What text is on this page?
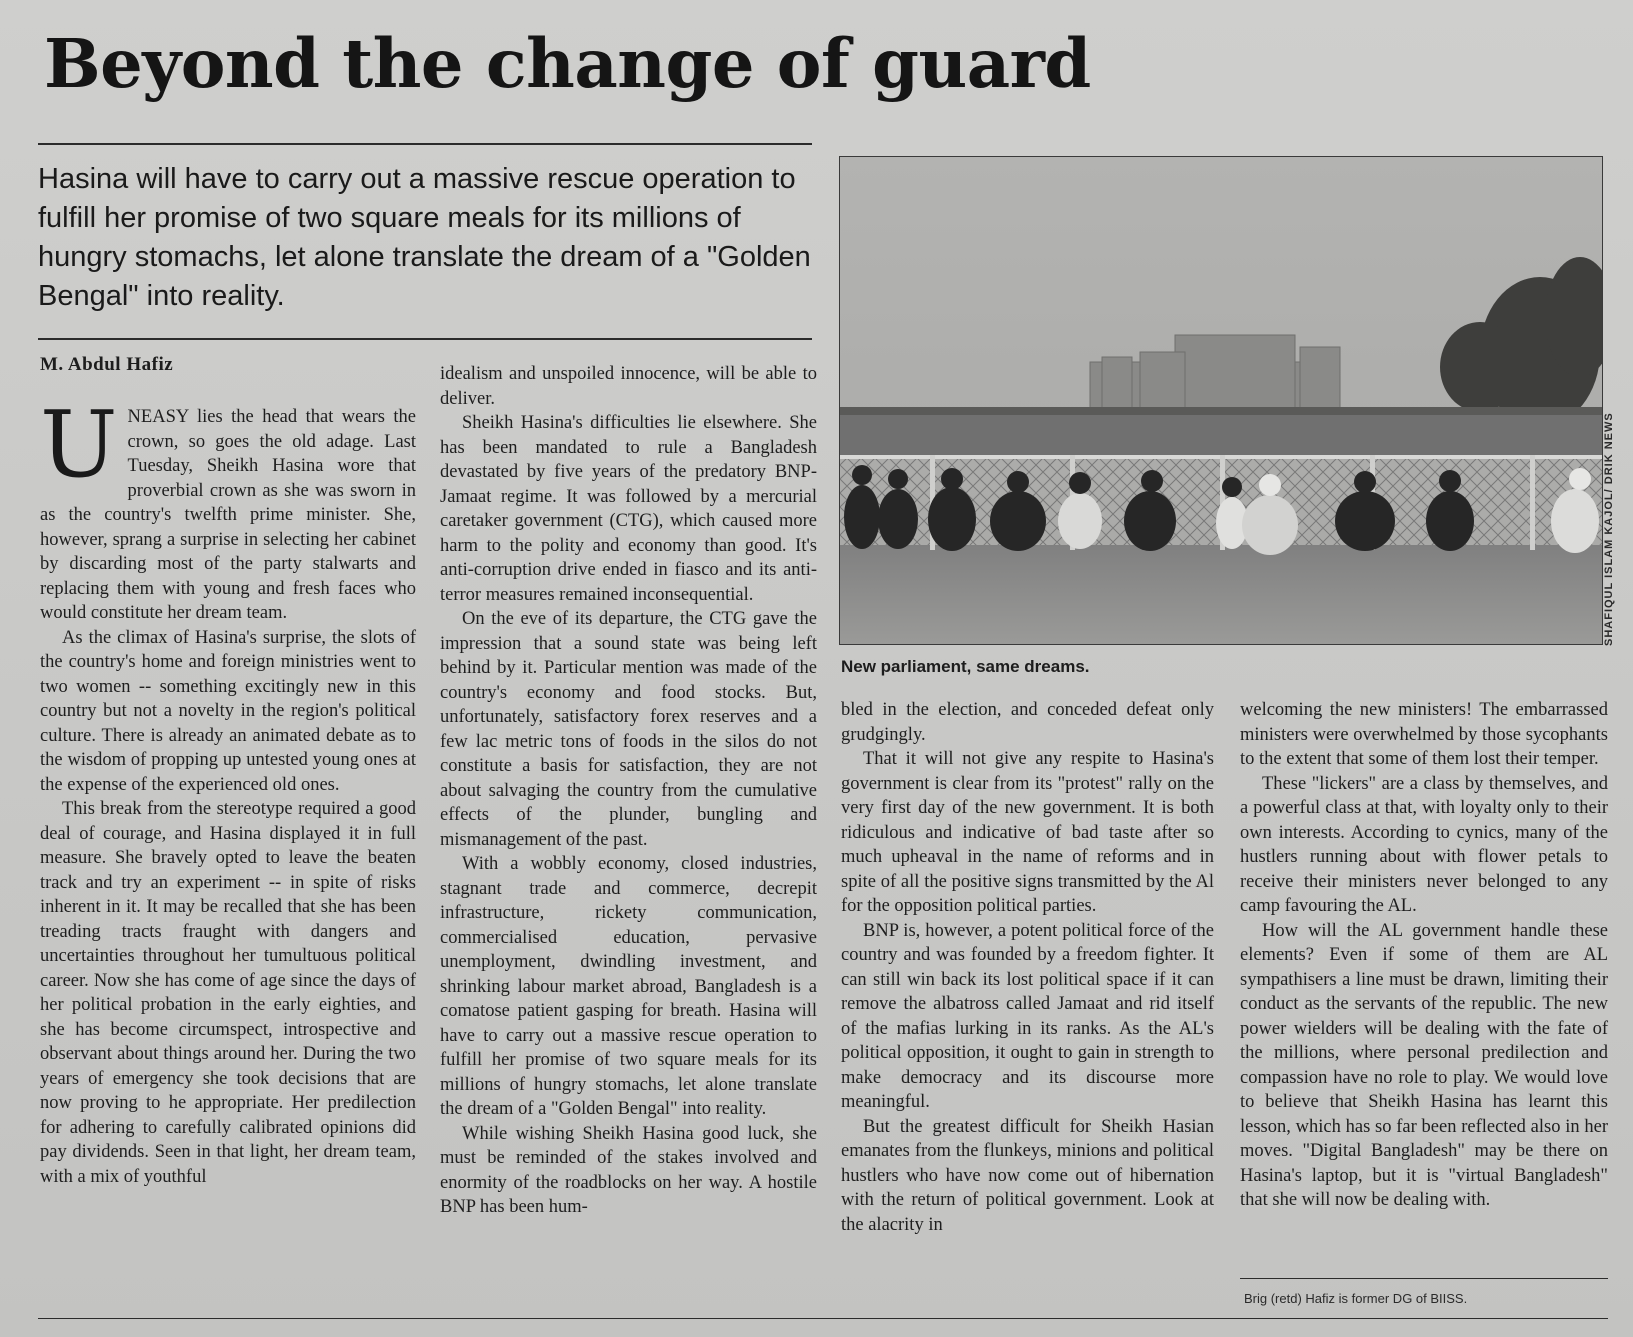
Beyond the change of guard

Hasina will have to carry out a massive rescue operation to fulfill her promise of two square meals for its millions of hungry stomachs, let alone translate the dream of a "Golden Bengal" into reality.

M. Abdul Hafiz

UNEASY lies the head that wears the crown, so goes the old adage. Last Tuesday, Sheikh Hasina wore that proverbial crown as she was sworn in as the country's twelfth prime minister. She, however, sprang a surprise in selecting her cabinet by discarding most of the party stalwarts and replacing them with young and fresh faces who would constitute her dream team.

As the climax of Hasina's surprise, the slots of the country's home and foreign ministries went to two women -- something excitingly new in this country but not a novelty in the region's political culture. There is already an animated debate as to the wisdom of propping up untested young ones at the expense of the experienced old ones.

This break from the stereotype required a good deal of courage, and Hasina displayed it in full measure. She bravely opted to leave the beaten track and try an experiment -- in spite of risks inherent in it. It may be recalled that she has been treading tracts fraught with dangers and uncertainties throughout her tumultuous political career. Now she has come of age since the days of her political probation in the early eighties, and she has become circumspect, introspective and observant about things around her. During the two years of emergency she took decisions that are now proving to he appropriate. Her predilection for adhering to carefully calibrated opinions did pay dividends. Seen in that light, her dream team, with a mix of youthful

idealism and unspoiled innocence, will be able to deliver.

Sheikh Hasina's difficulties lie elsewhere. She has been mandated to rule a Bangladesh devastated by five years of the predatory BNP-Jamaat regime. It was followed by a mercurial caretaker government (CTG), which caused more harm to the polity and economy than good. It's anti-corruption drive ended in fiasco and its anti-terror measures remained inconsequential.

On the eve of its departure, the CTG gave the impression that a sound state was being left behind by it. Particular mention was made of the country's economy and food stocks. But, unfortunately, satisfactory forex reserves and a few lac metric tons of foods in the silos do not constitute a basis for satisfaction, they are not about salvaging the country from the cumulative effects of the plunder, bungling and mismanagement of the past.

With a wobbly economy, closed industries, stagnant trade and commerce, decrepit infrastructure, rickety communication, commercialised education, pervasive unemployment, dwindling investment, and shrinking labour market abroad, Bangladesh is a comatose patient gasping for breath. Hasina will have to carry out a massive rescue operation to fulfill her promise of two square meals for its millions of hungry stomachs, let alone translate the dream of a "Golden Bengal" into reality.

While wishing Sheikh Hasina good luck, she must be reminded of the stakes involved and enormity of the roadblocks on her way. A hostile BNP has been hum-

SHAFIQUL ISLAM KAJOL/ DRIK NEWS
New parliament, same dreams.

bled in the election, and conceded defeat only grudgingly.

That it will not give any respite to Hasina's government is clear from its "protest" rally on the very first day of the new government. It is both ridiculous and indicative of bad taste after so much upheaval in the name of reforms and in spite of all the positive signs transmitted by the Al for the opposition political parties.

BNP is, however, a potent political force of the country and was founded by a freedom fighter. It can still win back its lost political space if it can remove the albatross called Jamaat and rid itself of the mafias lurking in its ranks. As the AL's political opposition, it ought to gain in strength to make democracy and its discourse more meaningful.

But the greatest difficult for Sheikh Hasian emanates from the flunkeys, minions and political hustlers who have now come out of hibernation with the return of political government. Look at the alacrity in

welcoming the new ministers! The embarrassed ministers were overwhelmed by those sycophants to the extent that some of them lost their temper.

These "lickers" are a class by themselves, and a powerful class at that, with loyalty only to their own interests. According to cynics, many of the hustlers running about with flower petals to receive their ministers never belonged to any camp favouring the AL.

How will the AL government handle these elements? Even if some of them are AL sympathisers a line must be drawn, limiting their conduct as the servants of the republic. The new power wielders will be dealing with the fate of the millions, where personal predilection and compassion have no role to play. We would love to believe that Sheikh Hasina has learnt this lesson, which has so far been reflected also in her moves. "Digital Bangladesh" may be there on Hasina's laptop, but it is "virtual Bangladesh" that she will now be dealing with.

Brig (retd) Hafiz is former DG of BIISS.
